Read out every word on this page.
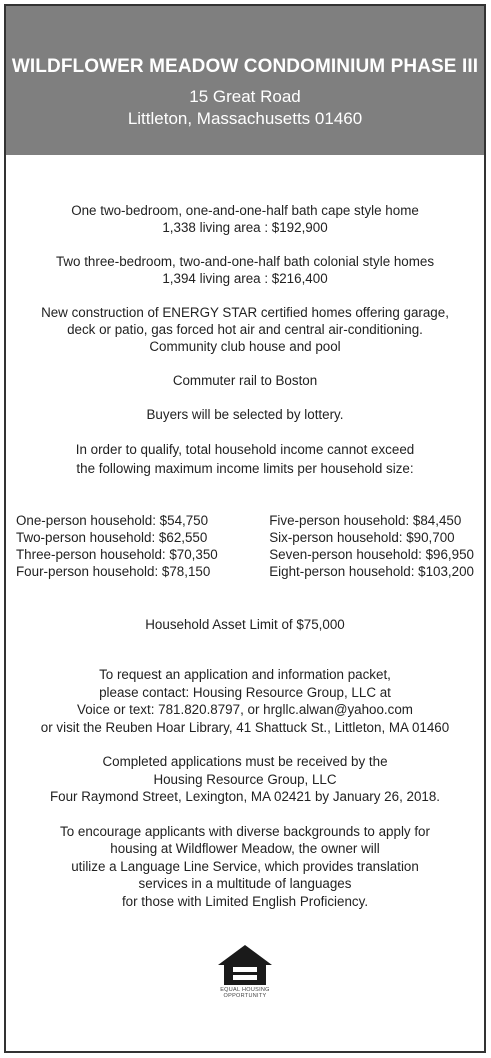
WILDFLOWER MEADOW CONDOMINIUM PHASE III
15 Great Road
Littleton, Massachusetts 01460
One two-bedroom, one-and-one-half bath cape style home
1,338 living area : $192,900
Two three-bedroom, two-and-one-half bath colonial style homes
1,394 living area : $216,400
New construction of ENERGY STAR certified homes offering garage,
deck or patio, gas forced hot air and central air-conditioning.
Community club house and pool
Commuter rail to Boston
Buyers will be selected by lottery.
In order to qualify, total household income cannot exceed
the following maximum income limits per household size:
One-person household: $54,750
Two-person household: $62,550
Three-person household: $70,350
Four-person household: $78,150
Five-person household: $84,450
Six-person household: $90,700
Seven-person household: $96,950
Eight-person household: $103,200
Household Asset Limit of $75,000
To request an application and information packet,
please contact: Housing Resource Group, LLC at
Voice or text: 781.820.8797, or hrgllc.alwan@yahoo.com
or visit the Reuben Hoar Library, 41 Shattuck St., Littleton, MA 01460
Completed applications must be received by the
Housing Resource Group, LLC
Four Raymond Street, Lexington, MA 02421 by January 26, 2018.
To encourage applicants with diverse backgrounds to apply for
housing at Wildflower Meadow, the owner will
utilize a Language Line Service, which provides translation
services in a multitude of languages
for those with Limited English Proficiency.
EQUAL HOUSING
OPPORTUNITY
